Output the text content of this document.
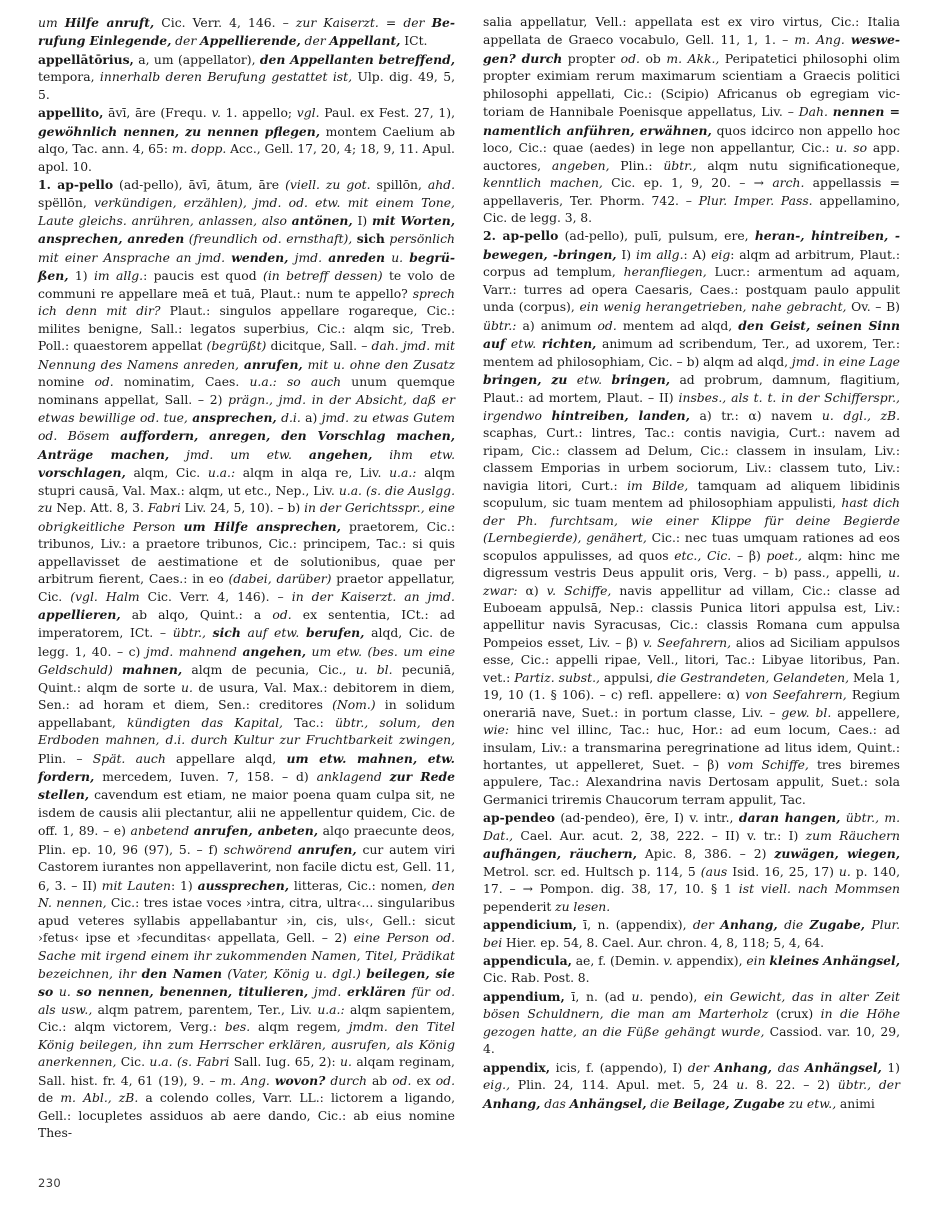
um Hilfe anruft, Cic. Verr. 4, 146. – zur Kaiserzt. = der Berufung Einlegende, der Appellierende, der Appellant, ICt.

appellātōrius, a, um (appellator), den Appellanten betreffend, tempora, innerhalb deren Berufung gestattet ist, Ulp. dig. 49, 5, 5.

appellito, āvī, āre (Frequ. v. 1. appello; vgl. Paul. ex Fest. 27, 1), gewöhnlich nennen, zu nennen pflegen, montem Caelium ab alqo, Tac. ann. 4, 65: m. dopp. Acc., Gell. 17, 20, 4; 18, 9, 11. Apul. apol. 10.

1. ap-pello (ad-pello), āvī, ātum, āre (viell. zu got. spillōn, ahd. spëllōn, verkündigen, erzählen), jmd. od. etw. mit einem Tone, Laute gleichs. anrühren, anlassen, also antönen, I) mit Worten, ansprechen, anreden (freundlich od. ernsthaft), sich persönlich mit einer Ansprache an jmd. wenden, jmd. anreden u. begrüßen, 1) im allg.: paucis est quod (in betreff dessen) te volo de communi re appellare meā et tuā, Plaut.: num te appello? sprech ich denn mit dir? Plaut.: singulos appellare rogareque, Cic.: milites benigne, Sall.: legatos superbius, Cic.: alqm sic, Treb. Poll.: quaestorem appellat (begrüßt) dicitque, Sall. – dah. jmd. mit Nennung des Namens anreden, anrufen, mit u. ohne den Zusatz nomine od. nominatim, Caes. u.a.: so auch unum quemque nominans appellat, Sall. – 2) prägn., jmd. in der Absicht, daß er etwas bewillige od. tue, ansprechen, d.i. a) jmd. zu etwas Gutem od. Bösem auffordern, anregen, den Vorschlag machen, Anträge machen, jmd. um etw. angehen, ihm etw. vorschlagen, alqm, Cic. u.a.: alqm in alqa re, Liv. u.a.: alqm stupri causā, Val. Max.: alqm, ut etc., Nep., Liv. u.a. (s. die Auslgg. zu Nep. Att. 8, 3. Fabri Liv. 24, 5, 10). – b) in der Gerichtsspr., eine obrigkeitliche Person um Hilfe ansprechen, praetorem, Cic.: tribunos, Liv.: a praetore tribunos, Cic.: principem, Tac.: si quis appellavisset de aestimatione et de solutionibus, quae per arbitrum fierent, Caes.: in eo (dabei, darüber) praetor appellatur, Cic. (vgl. Halm Cic. Verr. 4, 146). – in der Kaiserzt. an jmd. appellieren, ab alqo, Quint.: a od. ex sententia, ICt.: ad imperatorem, ICt. – übtr., sich auf etw. berufen, alqd, Cic. de legg. 1, 40. – c) jmd. mahnend angehen, um etw. (bes. um eine Geldschuld) mahnen, alqm de pecunia, Cic., u. bl. pecuniā, Quint.: alqm de sorte u. de usura, Val. Max.: debitorem in diem, Sen.: ad horam et diem, Sen.: creditores (Nom.) in solidum appellabant, kündigten das Kapital, Tac.: übtr., solum, den Erdboden mahnen, d.i. durch Kultur zur Fruchtbarkeit zwingen, Plin. – Spät. auch appellare alqd, um etw. mahnen, etw. fordern, mercedem, Iuven. 7, 158. – d) anklagend zur Rede stellen, cavendum est etiam, ne maior poena quam culpa sit, ne isdem de causis alii plectantur, alii ne appellentur quidem, Cic. de off. 1, 89. – e) anbetend anrufen, anbeten, alqo praecunte deos, Plin. ep. 10, 96 (97), 5. – f) schwörend anrufen, cur autem viri Castorem iurantes non appellaverint, non facile dictu est, Gell. 11, 6, 3. – II) mit Lauten: 1) aussprechen, litteras, Cic.: nomen, den N. nennen, Cic.: tres istae voces ›intra, citra, ultra‹... singularibus apud veteres syllabis appellabantur ›in, cis, uls‹, Gell.: sicut ›fetus‹ ipse et ›fecunditas‹ appellata, Gell. – 2) eine Person od. Sache mit irgend einem ihr zukommenden Namen, Titel, Prädikat bezeichnen, ihr den Namen (Vater, König u. dgl.) beilegen, sie so u. so nennen, benennen, titulieren, jmd. erklären für od. als usw., alqm patrem, parentem, Ter., Liv. u.a.: alqm sapientem, Cic.: alqm victorem, Verg.: bes. alqm regem, jmdm. den Titel König beilegen, ihn zum Herrscher erklären, ausrufen, als König anerkennen, Cic. u.a. (s. Fabri Sall. Iug. 65, 2): u. alqam reginam, Sall. hist. fr. 4, 61 (19), 9. – m. Ang. wovon? durch ab od. ex od. de m. Abl., zB. a colendo colles, Varr. LL.: lictorem a ligando, Gell.: locupletes assiduos ab aere dando, Cic.: ab eius nomine Thes-

salia appellatur, Vell.: appellata est ex viro virtus, Cic.: Italia appellata de Graeco vocabulo, Gell. 11, 1, 1. – m. Ang. weswegen? durch propter od. ob m. Akk., Peripatetici philosophi olim propter eximiam rerum maximarum scientiam a Graecis politici philosophi appellati, Cic.: (Scipio) Africanus ob egregiam victoriam de Hannibale Poenisque appellatus, Liv. – Dah. nennen = namentlich anführen, erwähnen, quos idcirco non appello hoc loco, Cic.: quae (aedes) in lege non appellantur, Cic.: u. so app. auctores, angeben, Plin.: übtr., alqm nutu significationeque, kenntlich machen, Cic. ep. 1, 9, 20. – → arch. appellassis = appellaveris, Ter. Phorm. 742. – Plur. Imper. Pass. appellamino, Cic. de legg. 3, 8.

2. ap-pello (ad-pello), pulī, pulsum, ere, heran-, hintreiben, -bewegen, -bringen, I) im allg.: A) eig: alqm ad arbitrum, Plaut.: corpus ad templum, heranfliegen, Lucr.: armentum ad aquam, Varr.: turres ad opera Caesaris, Caes.: postquam paulo appulit unda (corpus), ein wenig herangetrieben, nahe gebracht, Ov. – B) übtr.: a) animum od. mentem ad alqd, den Geist, seinen Sinn auf etw. richten, animum ad scribendum, Ter., ad uxorem, Ter.: mentem ad philosophiam, Cic. – b) alqm ad alqd, jmd. in eine Lage bringen, zu etw. bringen, ad probrum, damnum, flagitium, Plaut.: ad mortem, Plaut. – II) insbes., als t. t. in der Schifferspr., irgendwo hintreiben, landen, a) tr.: α) navem u. dgl., zB. scaphas, Curt.: lintres, Tac.: contis navigia, Curt.: navem ad ripam, Cic.: classem ad Delum, Cic.: classem in insulam, Liv.: classem Emporias in urbem sociorum, Liv.: classem tuto, Liv.: navigia litori, Curt.: im Bilde, tamquam ad aliquem libidinis scopulum, sic tuam mentem ad philosophiam appulisti, hast dich der Ph. furchtsam, wie einer Klippe für deine Begierde (Lernbegierde), genähert, Cic.: nec tuas umquam rationes ad eos scopulos appulisses, ad quos etc., Cic. – β) poet., alqm: hinc me digressum vestris Deus appulit oris, Verg. – b) pass., appelli, u. zwar: α) v. Schiffe, navis appellitur ad villam, Cic.: classe ad Euboeam appulsā, Nep.: classis Punica litori appulsa est, Liv.: appellitur navis Syracusas, Cic.: classis Romana cum appulsa Pompeios esset, Liv. – β) v. Seefahrern, alios ad Siciliam appulsos esse, Cic.: appelli ripae, Vell., litori, Tac.: Libyae litoribus, Pan. vet.: Partiz. subst., appulsi, die Gestrandeten, Gelandeten, Mela 1, 19, 10 (1. § 106). – c) refl. appellere: α) von Seefahrern, Regium onerariā nave, Suet.: in portum classe, Liv. – gew. bl. appellere, wie: hinc vel illinc, Tac.: huc, Hor.: ad eum locum, Caes.: ad insulam, Liv.: a transmarina peregrinatione ad litus idem, Quint.: hortantes, ut appelleret, Suet. – β) vom Schiffe, tres biremes appulere, Tac.: Alexandrina navis Dertosam appulit, Suet.: sola Germanici triremis Chaucorum terram appulit, Tac.

ap-pendeo (ad-pendeo), ēre, I) v. intr., daran hangen, übtr., m. Dat., Cael. Aur. acut. 2, 38, 222. – II) v. tr.: I) zum Räuchern aufhängen, räuchern, Apic. 8, 386. – 2) zuwägen, wiegen, Metrol. scr. ed. Hultsch p. 114, 5 (aus Isid. 16, 25, 17) u. p. 140, 17. – → Pompon. dig. 38, 17, 10. § 1 ist viell. nach Mommsen pependerit zu lesen.

appendicium, ī, n. (appendix), der Anhang, die Zugabe, Plur. bei Hier. ep. 54, 8. Cael. Aur. chron. 4, 8, 118; 5, 4, 64.

appendicula, ae, f. (Demin. v. appendix), ein kleines Anhängsel, Cic. Rab. Post. 8.

appendium, ī, n. (ad u. pendo), ein Gewicht, das in alter Zeit bösen Schuldnern, die man am Marterholz (crux) in die Höhe gezogen hatte, an die Füße gehängt wurde, Cassiod. var. 10, 29, 4.

appendix, icis, f. (appendo), I) der Anhang, das Anhängsel, 1) eig., Plin. 24, 114. Apul. met. 5, 24 u. 8. 22. – 2) übtr., der Anhang, das Anhängsel, die Beilage, Zugabe zu etw., animi

230
